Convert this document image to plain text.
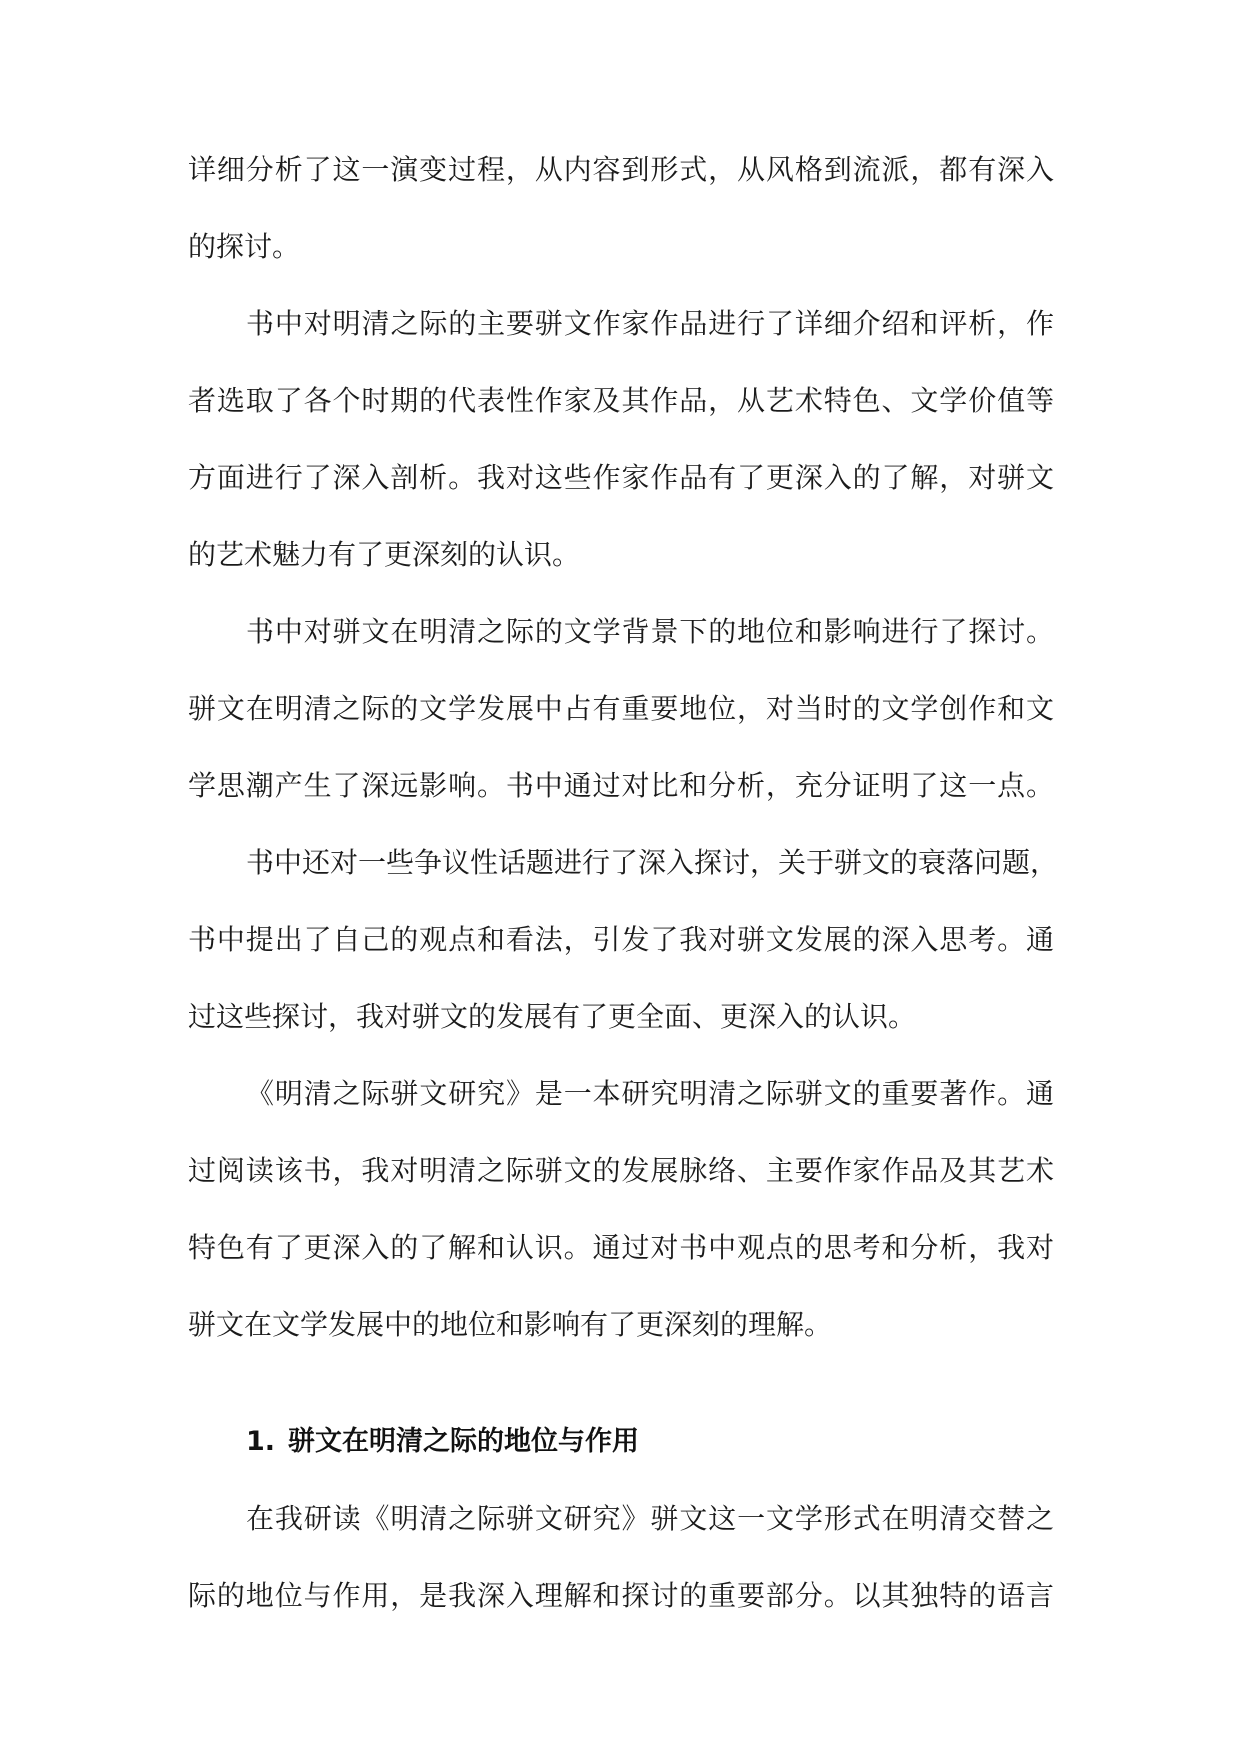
详细分析了这一演变过程，从内容到形式，从风格到流派，都有深入
的探讨。
书中对明清之际的主要骈文作家作品进行了详细介绍和评析，作
者选取了各个时期的代表性作家及其作品，从艺术特色、文学价值等
方面进行了深入剖析。我对这些作家作品有了更深入的了解，对骈文
的艺术魅力有了更深刻的认识。
书中对骈文在明清之际的文学背景下的地位和影响进行了探讨。
骈文在明清之际的文学发展中占有重要地位，对当时的文学创作和文
学思潮产生了深远影响。书中通过对比和分析，充分证明了这一点。
书中还对一些争议性话题进行了深入探讨，关于骈文的衰落问题，
书中提出了自己的观点和看法，引发了我对骈文发展的深入思考。通
过这些探讨，我对骈文的发展有了更全面、更深入的认识。
《明清之际骈文研究》是一本研究明清之际骈文的重要著作。通
过阅读该书，我对明清之际骈文的发展脉络、主要作家作品及其艺术
特色有了更深入的了解和认识。通过对书中观点的思考和分析，我对
骈文在文学发展中的地位和影响有了更深刻的理解。
1. 骈文在明清之际的地位与作用
在我研读《明清之际骈文研究》骈文这一文学形式在明清交替之
际的地位与作用，是我深入理解和探讨的重要部分。以其独特的语言
